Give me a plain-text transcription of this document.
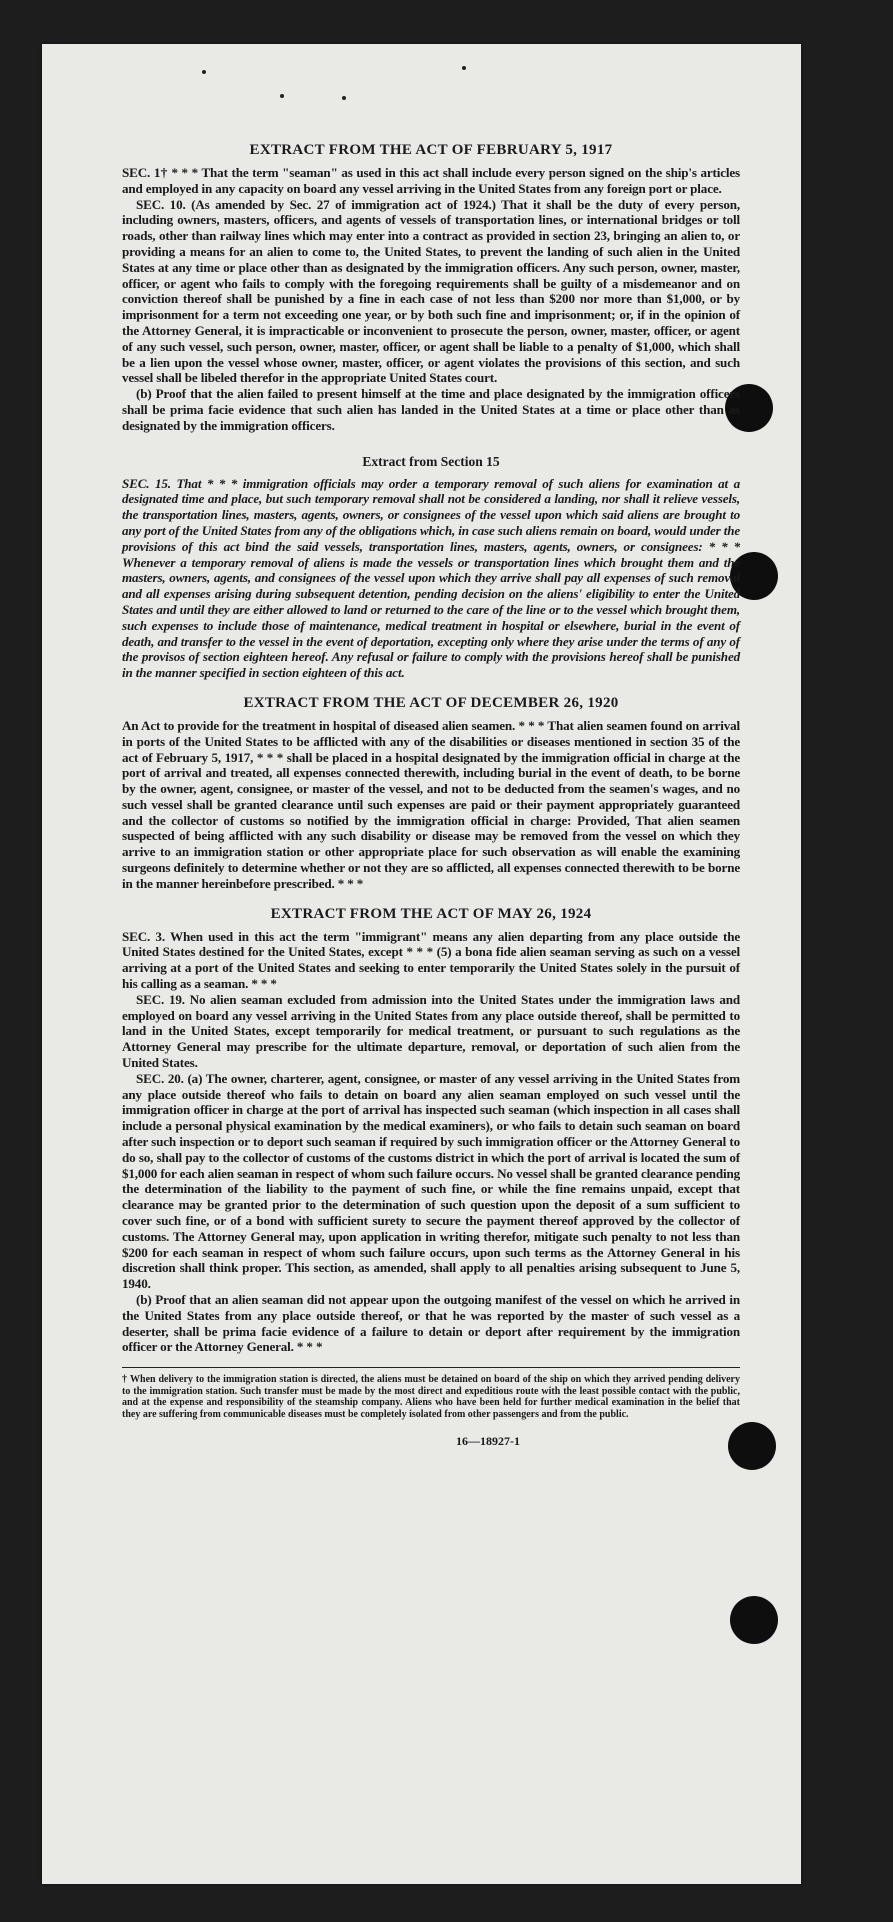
EXTRACT FROM THE ACT OF FEBRUARY 5, 1917

SEC. 1† * * * That the term "seaman" as used in this act shall include every person signed on the ship's articles and employed in any capacity on board any vessel arriving in the United States from any foreign port or place.

SEC. 10. (As amended by Sec. 27 of immigration act of 1924.) That it shall be the duty of every person, including owners, masters, officers, and agents of vessels of transportation lines, or international bridges or toll roads, other than railway lines which may enter into a contract as provided in section 23, bringing an alien to, or providing a means for an alien to come to, the United States, to prevent the landing of such alien in the United States at any time or place other than as designated by the immigration officers. Any such person, owner, master, officer, or agent who fails to comply with the foregoing requirements shall be guilty of a misdemeanor and on conviction thereof shall be punished by a fine in each case of not less than $200 nor more than $1,000, or by imprisonment for a term not exceeding one year, or by both such fine and imprisonment; or, if in the opinion of the Attorney General, it is impracticable or inconvenient to prosecute the person, owner, master, officer, or agent of any such vessel, such person, owner, master, officer, or agent shall be liable to a penalty of $1,000, which shall be a lien upon the vessel whose owner, master, officer, or agent violates the provisions of this section, and such vessel shall be libeled therefor in the appropriate United States court.

(b) Proof that the alien failed to present himself at the time and place designated by the immigration officers shall be prima facie evidence that such alien has landed in the United States at a time or place other than as designated by the immigration officers.

Extract from Section 15

SEC. 15. That * * * immigration officials may order a temporary removal of such aliens for examination at a designated time and place, but such temporary removal shall not be considered a landing, nor shall it relieve vessels, the transportation lines, masters, agents, owners, or consignees of the vessel upon which said aliens are brought to any port of the United States from any of the obligations which, in case such aliens remain on board, would under the provisions of this act bind the said vessels, transportation lines, masters, agents, owners, or consignees: * * * Whenever a temporary removal of aliens is made the vessels or transportation lines which brought them and the masters, owners, agents, and consignees of the vessel upon which they arrive shall pay all expenses of such removal and all expenses arising during subsequent detention, pending decision on the aliens' eligibility to enter the United States and until they are either allowed to land or returned to the care of the line or to the vessel which brought them, such expenses to include those of maintenance, medical treatment in hospital or elsewhere, burial in the event of death, and transfer to the vessel in the event of deportation, excepting only where they arise under the terms of any of the provisos of section eighteen hereof. Any refusal or failure to comply with the provisions hereof shall be punished in the manner specified in section eighteen of this act.

EXTRACT FROM THE ACT OF DECEMBER 26, 1920

An Act to provide for the treatment in hospital of diseased alien seamen. * * * That alien seamen found on arrival in ports of the United States to be afflicted with any of the disabilities or diseases mentioned in section 35 of the act of February 5, 1917, * * * shall be placed in a hospital designated by the immigration official in charge at the port of arrival and treated, all expenses connected therewith, including burial in the event of death, to be borne by the owner, agent, consignee, or master of the vessel, and not to be deducted from the seamen's wages, and no such vessel shall be granted clearance until such expenses are paid or their payment appropriately guaranteed and the collector of customs so notified by the immigration official in charge: Provided, That alien seamen suspected of being afflicted with any such disability or disease may be removed from the vessel on which they arrive to an immigration station or other appropriate place for such observation as will enable the examining surgeons definitely to determine whether or not they are so afflicted, all expenses connected therewith to be borne in the manner hereinbefore prescribed. * * *

EXTRACT FROM THE ACT OF MAY 26, 1924

SEC. 3. When used in this act the term "immigrant" means any alien departing from any place outside the United States destined for the United States, except * * * (5) a bona fide alien seaman serving as such on a vessel arriving at a port of the United States and seeking to enter temporarily the United States solely in the pursuit of his calling as a seaman. * * *

SEC. 19. No alien seaman excluded from admission into the United States under the immigration laws and employed on board any vessel arriving in the United States from any place outside thereof, shall be permitted to land in the United States, except temporarily for medical treatment, or pursuant to such regulations as the Attorney General may prescribe for the ultimate departure, removal, or deportation of such alien from the United States.

SEC. 20. (a) The owner, charterer, agent, consignee, or master of any vessel arriving in the United States from any place outside thereof who fails to detain on board any alien seaman employed on such vessel until the immigration officer in charge at the port of arrival has inspected such seaman (which inspection in all cases shall include a personal physical examination by the medical examiners), or who fails to detain such seaman on board after such inspection or to deport such seaman if required by such immigration officer or the Attorney General to do so, shall pay to the collector of customs of the customs district in which the port of arrival is located the sum of $1,000 for each alien seaman in respect of whom such failure occurs. No vessel shall be granted clearance pending the determination of the liability to the payment of such fine, or while the fine remains unpaid, except that clearance may be granted prior to the determination of such question upon the deposit of a sum sufficient to cover such fine, or of a bond with sufficient surety to secure the payment thereof approved by the collector of customs. The Attorney General may, upon application in writing therefor, mitigate such penalty to not less than $200 for each seaman in respect of whom such failure occurs, upon such terms as the Attorney General in his discretion shall think proper. This section, as amended, shall apply to all penalties arising subsequent to June 5, 1940.

(b) Proof that an alien seaman did not appear upon the outgoing manifest of the vessel on which he arrived in the United States from any place outside thereof, or that he was reported by the master of such vessel as a deserter, shall be prima facie evidence of a failure to detain or deport after requirement by the immigration officer or the Attorney General. * * *

† When delivery to the immigration station is directed, the aliens must be detained on board of the ship on which they arrived pending delivery to the immigration station. Such transfer must be made by the most direct and expeditious route with the least possible contact with the public, and at the expense and responsibility of the steamship company. Aliens who have been held for further medical examination in the belief that they are suffering from communicable diseases must be completely isolated from other passengers and from the public.

16—18927-1
